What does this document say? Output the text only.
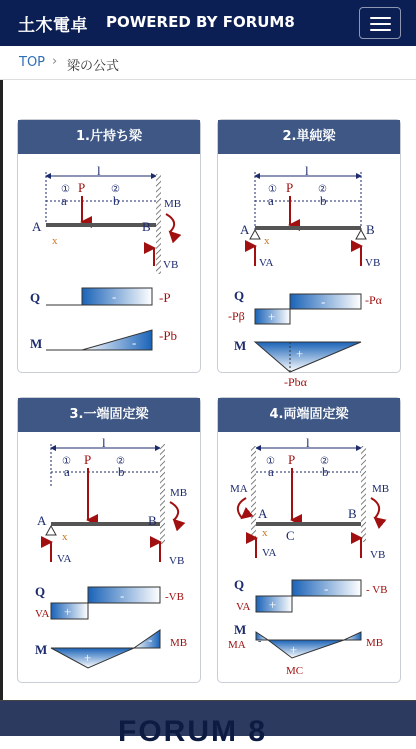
土木電卓 POWERED BY FORUM8
TOP › 梁の公式
1.片持ち梁
l
①	②
a	b
P
A	B
x
MB
VB
Q	-	-P
M	- -Pb
2.単純梁
l
①	②
a	b
P
A	B
x
VA	VB
Q
+
-
-Pβ
-Pα
M
+
-Pbα
3.一端固定梁
l
①	②
a	b
P
A	B
x
MB
VA	VB
Q
+
-
VA
-VB
M
+
- MB
4.両端固定梁
l
①	②
a	b
P
A	B
C
x
MA	MB
VA	VB
Q
+
-
VA
- VB
M
-
+
MA	MB
MC
FORUM 8
